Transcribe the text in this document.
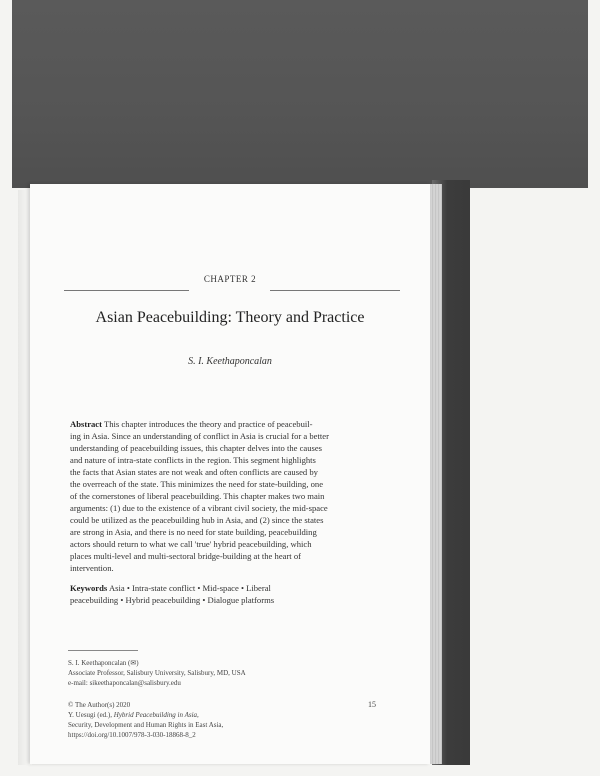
CHAPTER 2
Asian Peacebuilding: Theory and Practice
S. I. Keethaponcalan
Abstract This chapter introduces the theory and practice of peacebuil-
ing in Asia. Since an understanding of conflict in Asia is crucial for a better
understanding of peacebuilding issues, this chapter delves into the causes
and nature of intra-state conflicts in the region. This segment highlights
the facts that Asian states are not weak and often conflicts are caused by
the overreach of the state. This minimizes the need for state-building, one
of the cornerstones of liberal peacebuilding. This chapter makes two main
arguments: (1) due to the existence of a vibrant civil society, the mid-space
could be utilized as the peacebuilding hub in Asia, and (2) since the states
are strong in Asia, and there is no need for state building, peacebuilding
actors should return to what we call 'true' hybrid peacebuilding, which
places multi-level and multi-sectoral bridge-building at the heart of
intervention.
Keywords Asia • Intra-state conflict • Mid-space • Liberal
peacebuilding • Hybrid peacebuilding • Dialogue platforms
S. I. Keethaponcalan (✉)
Associate Professor, Salisbury University, Salisbury, MD, USA
e-mail: sikeethaponcalan@salisbury.edu
© The Author(s) 2020
Y. Uesugi (ed.), Hybrid Peacebuilding in Asia,
Security, Development and Human Rights in East Asia,
https://doi.org/10.1007/978-3-030-18868-8_2
15
